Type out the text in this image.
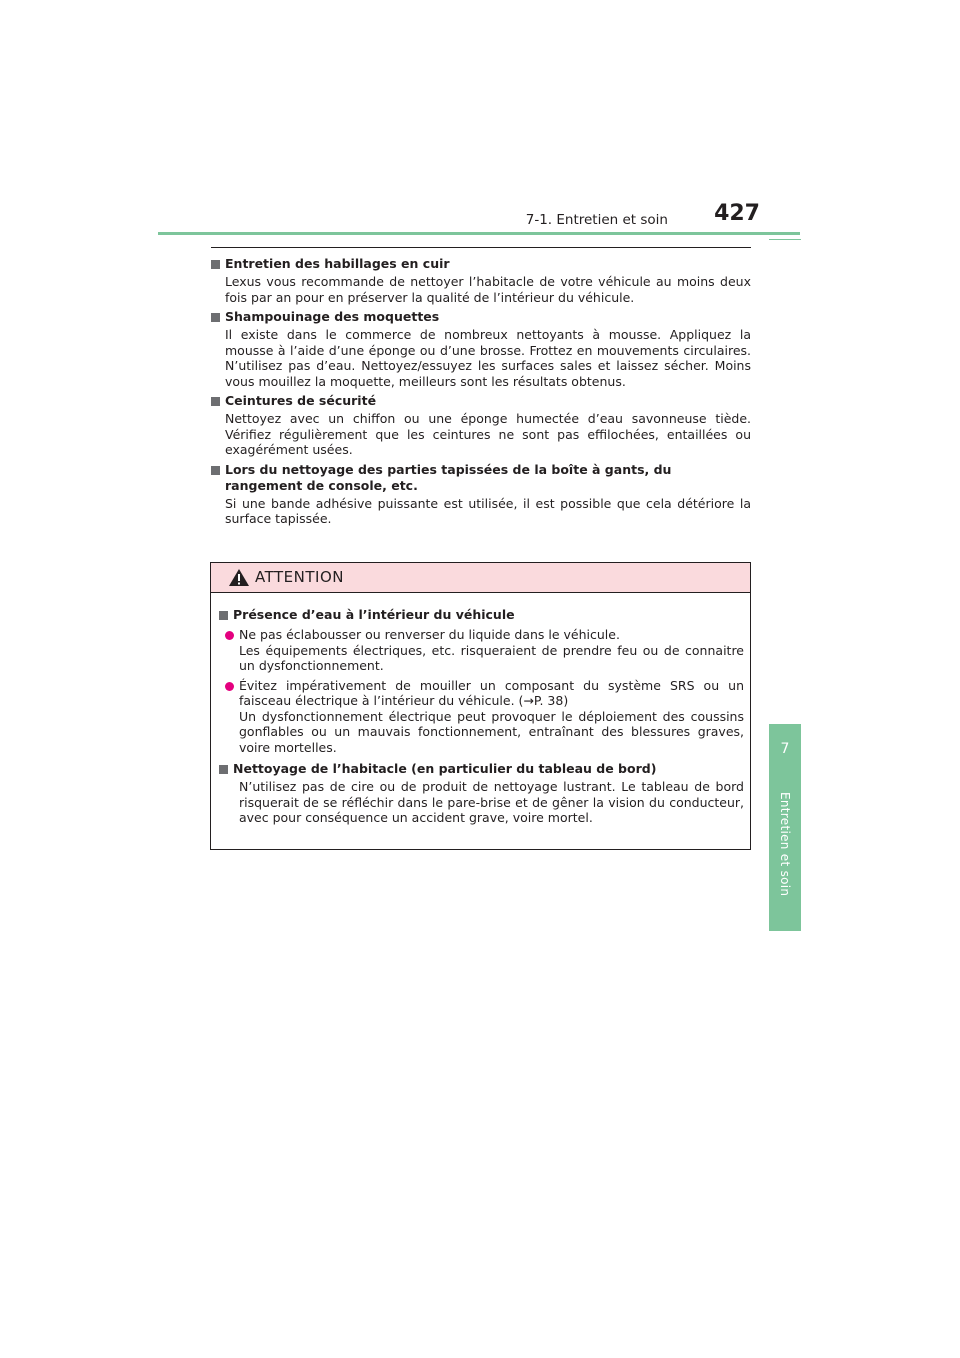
7-1. Entretien et soin 427
7
Entretien et soin
Entretien des habillages en cuir
Lexus vous recommande de nettoyer l’habitacle de votre véhicule au moins deux fois par an pour en préserver la qualité de l’intérieur du véhicule.
Shampouinage des moquettes
Il existe dans le commerce de nombreux nettoyants à mousse. Appliquez la mousse à l’aide d’une éponge ou d’une brosse. Frottez en mouvements circulaires. N’utilisez pas d’eau. Nettoyez/essuyez les surfaces sales et laissez sécher. Moins vous mouillez la moquette, meilleurs sont les résultats obtenus.
Ceintures de sécurité
Nettoyez avec un chiffon ou une éponge humectée d’eau savonneuse tiède. Vérifiez régulièrement que les ceintures ne sont pas effilochées, entaillées ou exagérément usées.
Lors du nettoyage des parties tapissées de la boîte à gants, du rangement de console, etc.
Si une bande adhésive puissante est utilisée, il est possible que cela détériore la surface tapissée.
ATTENTION
Présence d’eau à l’intérieur du véhicule
Ne pas éclabousser ou renverser du liquide dans le véhicule.
Les équipements électriques, etc. risqueraient de prendre feu ou de connaitre un dysfonctionnement.
Évitez impérativement de mouiller un composant du système SRS ou un faisceau électrique à l’intérieur du véhicule. (→P. 38)
Un dysfonctionnement électrique peut provoquer le déploiement des coussins gonflables ou un mauvais fonctionnement, entraînant des blessures graves, voire mortelles.
Nettoyage de l’habitacle (en particulier du tableau de bord)
N’utilisez pas de cire ou de produit de nettoyage lustrant. Le tableau de bord risquerait de se réfléchir dans le pare-brise et de gêner la vision du conducteur, avec pour conséquence un accident grave, voire mortel.
